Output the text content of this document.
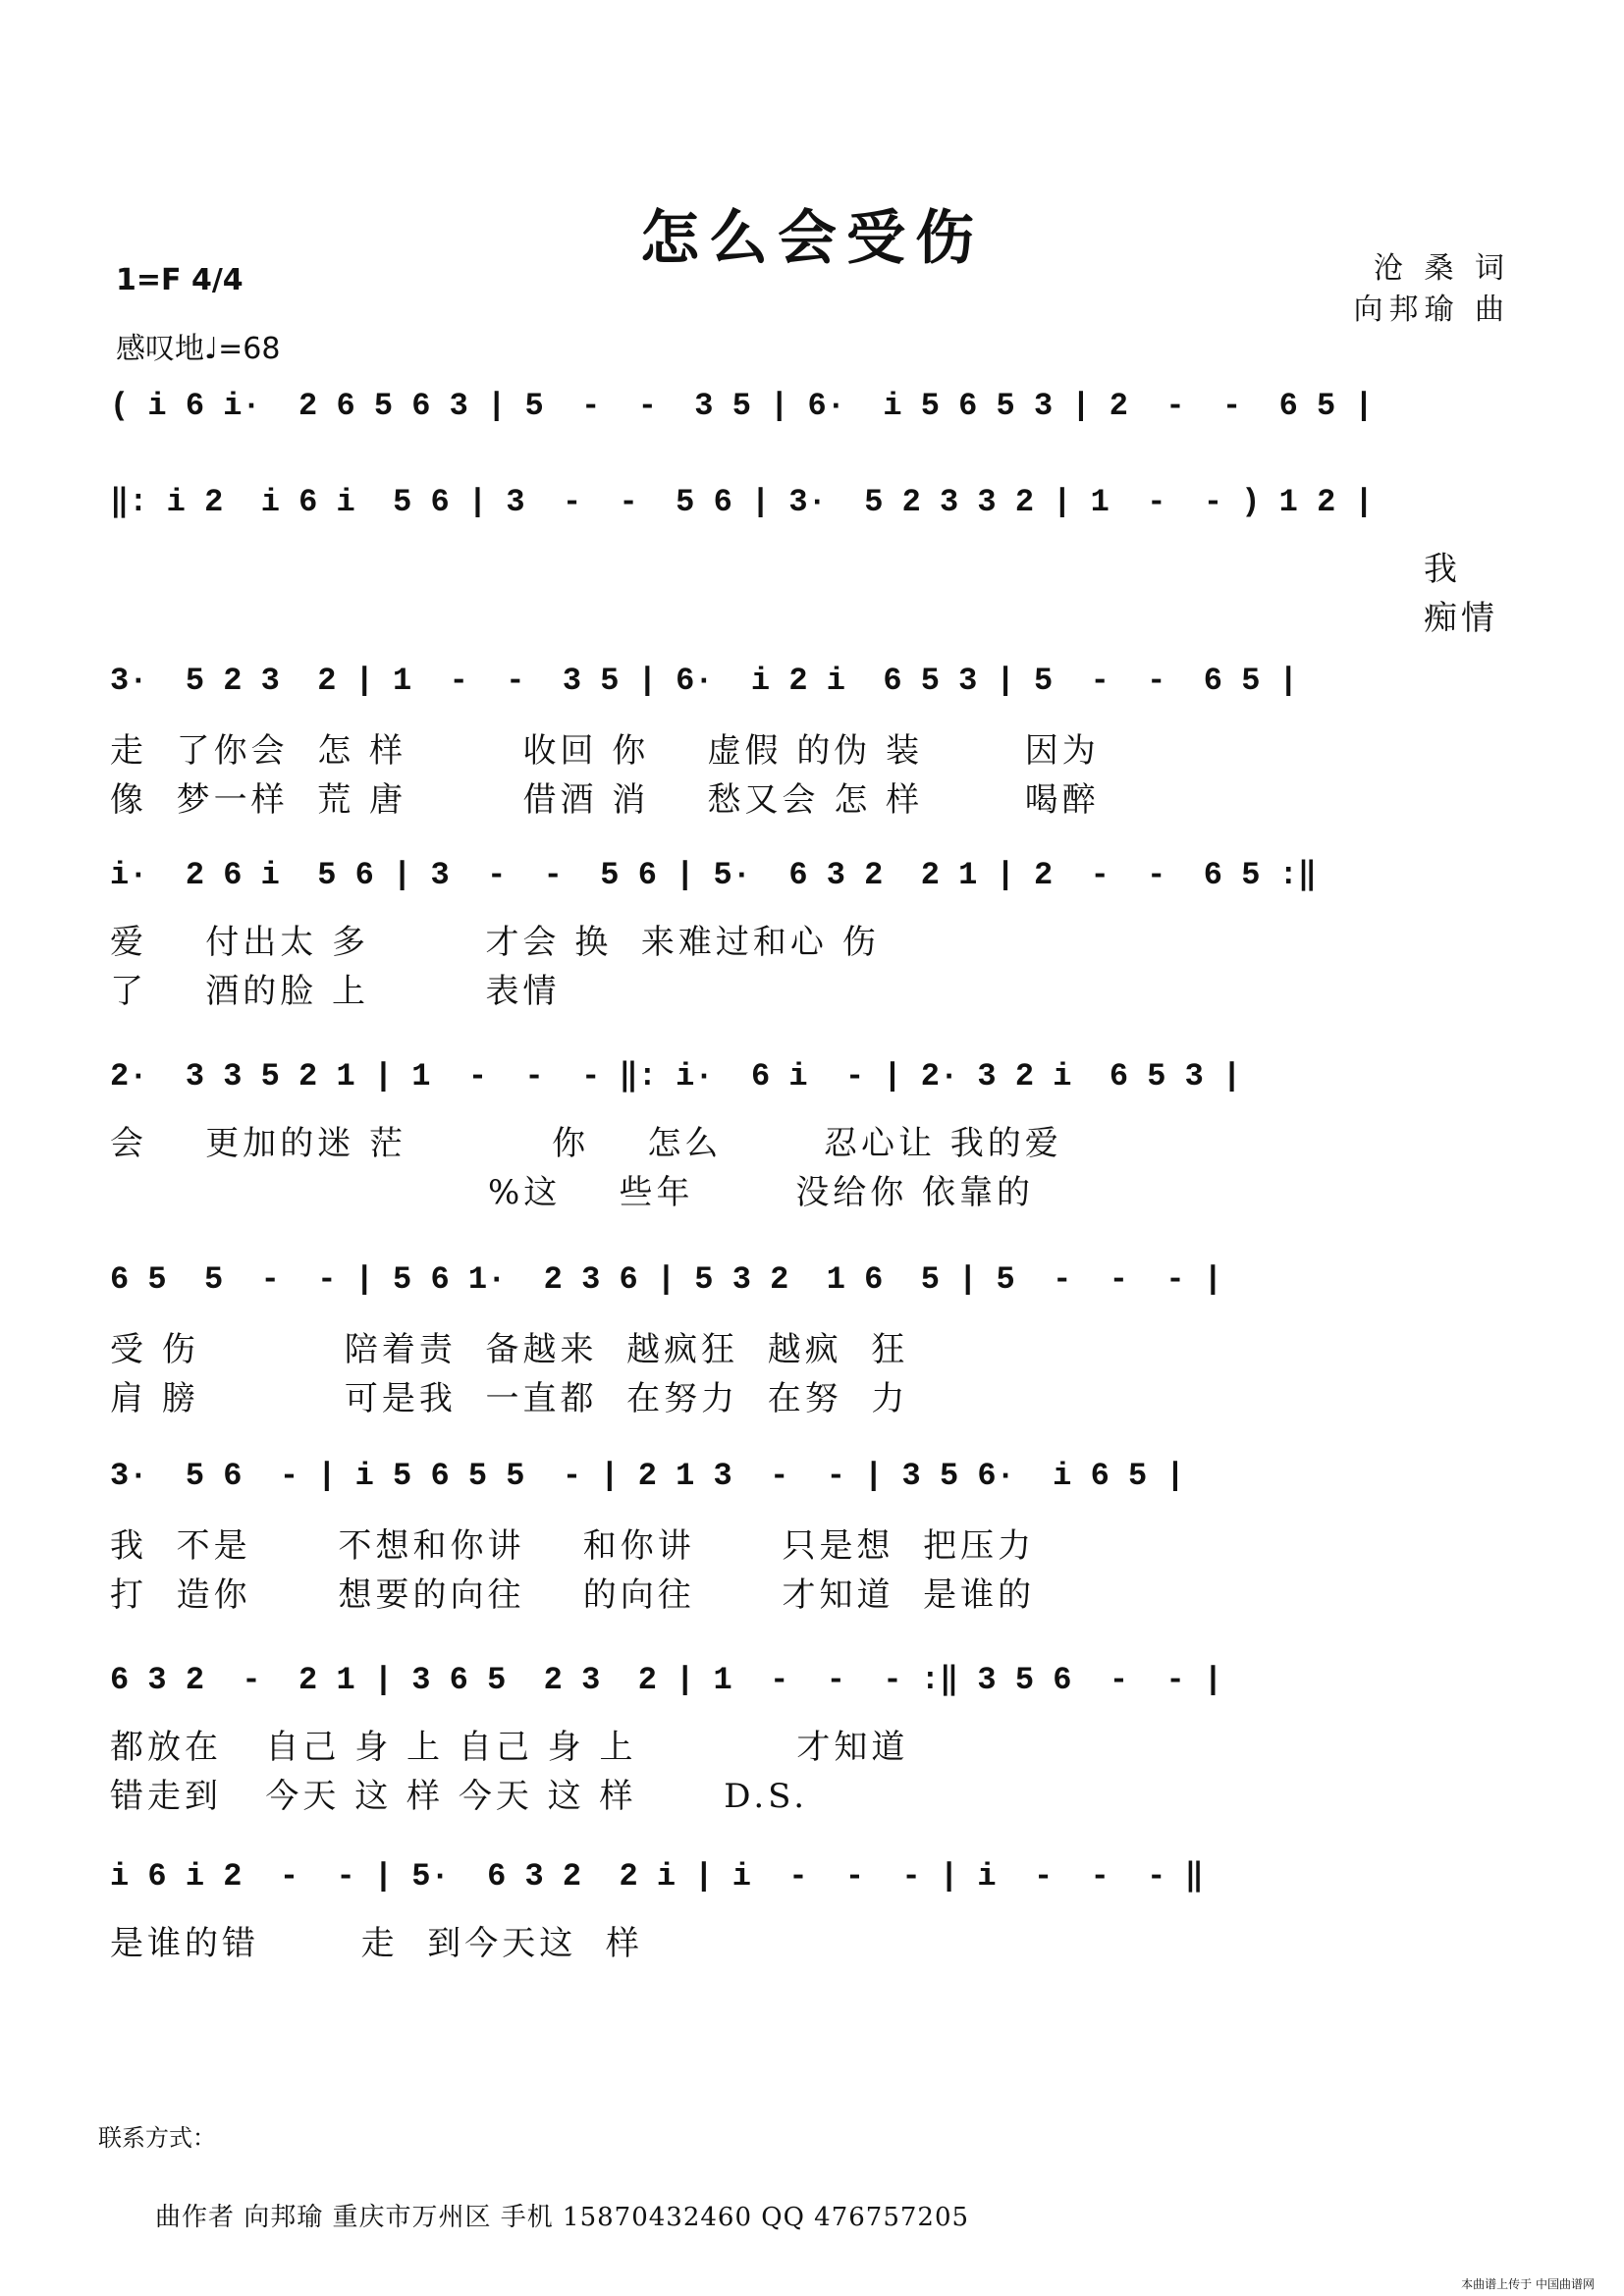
怎么会受伤
1=F 4/4
感叹地♩=68
沧 桑 词
向邦瑜 曲
( i 6 i·  2 6 5 6 3 | 5  -  -  3 5 | 6·  i 5 6 5 3 | 2  -  -  6 5 |
‖: i 2  i 6 i  5 6 | 3  -  -  5 6 | 3·  5 2 3 3 2 | 1  -  - ) 1 2 |
我
痴情
3·  5 2 3  2 | 1  -  -  3 5 | 6·  i 2 i  6 5 3 | 5  -  -  6 5 |
走  了你会  怎 样        收回 你    虚假 的伪 装       因为
像  梦一样  荒 唐        借酒 消    愁又会 怎 样       喝醉
i·  2 6 i  5 6 | 3  -  -  5 6 | 5·  6 3 2  2 1 | 2  -  -  6 5 :‖
爱    付出太 多        才会 换  来难过和心 伤
了    酒的脸 上        表情
2·  3 3 5 2 1 | 1  -  -  - ‖: i·  6 i  - | 2· 3 2 i  6 5 3 |
会    更加的迷 茫          你    怎么       忍心让 我的爱
%这    些年       没给你 依靠的
6 5  5  -  - | 5 6 1·  2 3 6 | 5 3 2  1 6  5 | 5  -  -  - |
受 伤          陪着责  备越来  越疯狂  越疯  狂
肩 膀          可是我  一直都  在努力  在努  力
3·  5 6  - | i 5 6 5 5  - | 2 1 3  -  - | 3 5 6·  i 6 5 |
我  不是      不想和你讲    和你讲      只是想  把压力
打  造你      想要的向往    的向往      才知道  是谁的
6 3 2  -  2 1 | 3 6 5  2 3  2 | 1  -  -  - :‖ 3 5 6  -  - |
都放在   自己 身 上 自己 身 上           才知道
错走到   今天 这 样 今天 这 样      D.S.
i 6 i 2  -  - | 5·  6 3 2  2 i | i  -  -  - | i  -  -  - ‖
是谁的错       走  到今天这  样
联系方式：
曲作者 向邦瑜 重庆市万州区 手机 15870432460 QQ 476757205
本曲谱上传于 中国曲谱网
